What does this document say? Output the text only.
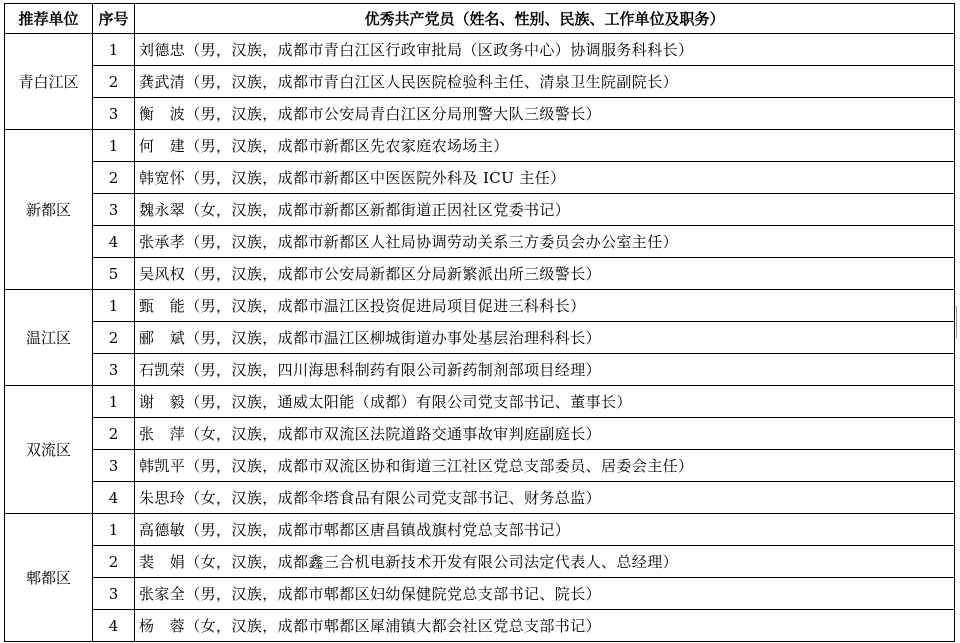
推荐单位	序号	优秀共产党员（姓名、性别、民族、工作单位及职务）
青白江区	1	刘德忠（男，汉族，成都市青白江区行政审批局（区政务中心）协调服务科科长）
	2	龚武清（男，汉族，成都市青白江区人民医院检验科主任、清泉卫生院副院长）
	3	衡　波（男，汉族，成都市公安局青白江区分局刑警大队三级警长）
新都区	1	何　建（男，汉族，成都市新都区先农家庭农场场主）
	2	韩宽怀（男，汉族，成都市新都区中医医院外科及 ICU 主任）
	3	魏永翠（女，汉族，成都市新都区新都街道正因社区党委书记）
	4	张承孝（男，汉族，成都市新都区人社局协调劳动关系三方委员会办公室主任）
	5	吴风权（男，汉族，成都市公安局新都区分局新繁派出所三级警长）
温江区	1	甄　能（男，汉族，成都市温江区投资促进局项目促进三科科长）
	2	郦　斌（男，汉族，成都市温江区柳城街道办事处基层治理科科长）
	3	石凯荣（男，汉族，四川海思科制药有限公司新药制剂部项目经理）
双流区	1	谢　毅（男，汉族，通威太阳能（成都）有限公司党支部书记、董事长）
	2	张　萍（女，汉族，成都市双流区法院道路交通事故审判庭副庭长）
	3	韩凯平（男，汉族，成都市双流区协和街道三江社区党总支部委员、居委会主任）
	4	朱思玲（女，汉族，成都伞塔食品有限公司党支部书记、财务总监）
郫都区	1	高德敏（男，汉族，成都市郫都区唐昌镇战旗村党总支部书记）
	2	裴　娟（女，汉族，成都鑫三合机电新技术开发有限公司法定代表人、总经理）
	3	张家全（男，汉族，成都市郫都区妇幼保健院党总支部书记、院长）
	4	杨　蓉（女，汉族，成都市郫都区犀浦镇大都会社区党总支部书记）
